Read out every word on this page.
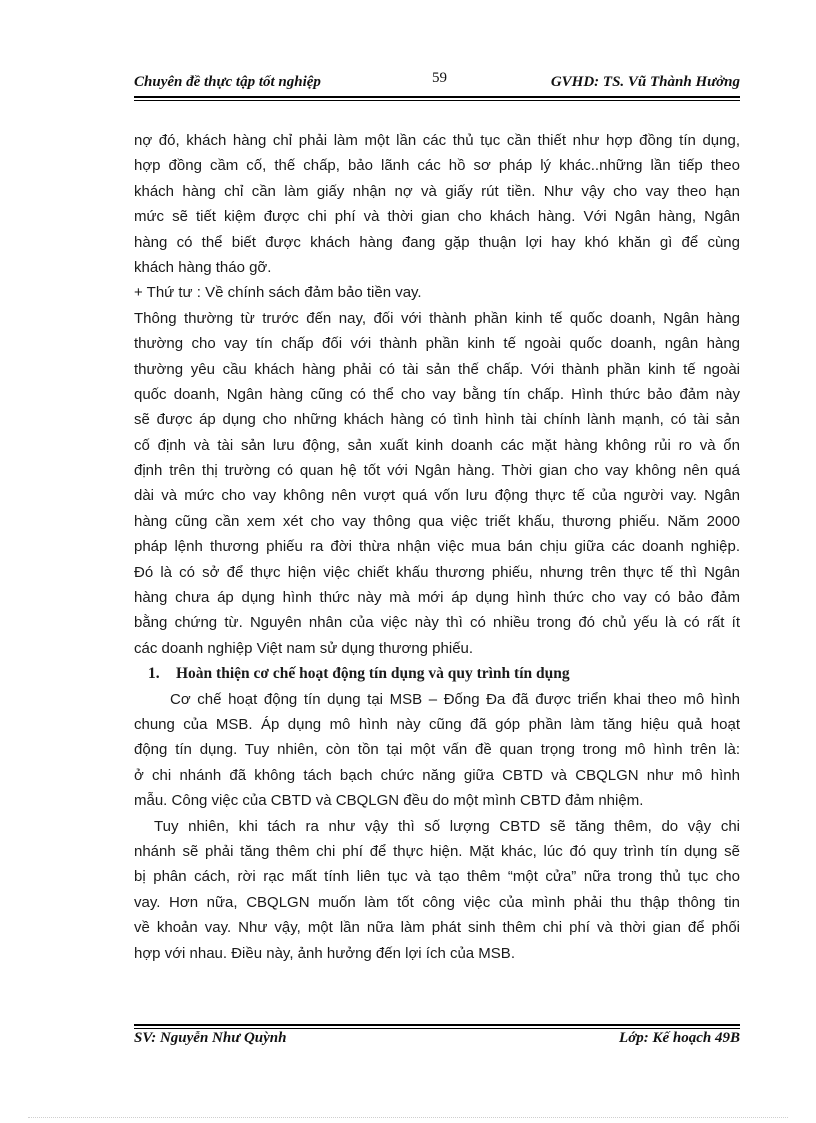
Chuyên đề thực tập tốt nghiệp	59	GVHD: TS. Vũ Thành Hưởng
nợ đó, khách hàng chỉ phải làm một lần các thủ tục cần thiết như hợp đồng tín dụng,
hợp đồng cầm cố, thế chấp, bảo lãnh các hồ sơ pháp lý khác..những lần tiếp theo
khách hàng chỉ cần làm giấy nhận nợ và giấy rút tiền. Như vậy cho vay theo hạn
mức sẽ tiết kiệm được chi phí và thời gian cho khách hàng. Với Ngân hàng, Ngân
hàng có thể biết được khách hàng đang gặp thuận lợi hay khó khăn gì để cùng
khách hàng tháo gỡ.
+ Thứ tư : Về chính sách đảm bảo tiền vay.
Thông thường từ trước đến nay, đối với thành phần kinh tế quốc doanh, Ngân hàng
thường cho vay tín chấp đối với thành phần kinh tế ngoài quốc doanh, ngân hàng
thường yêu cầu khách hàng phải có tài sản thế chấp. Với thành phần kinh tế ngoài
quốc doanh, Ngân hàng cũng có thể cho vay bằng tín chấp. Hình thức bảo đảm này
sẽ được áp dụng cho những khách hàng có tình hình tài chính lành mạnh, có tài sản
cố định và tài sản lưu động, sản xuất kinh doanh các mặt hàng không rủi ro và ổn
định trên thị trường có quan hệ tốt với Ngân hàng. Thời gian cho vay không nên quá
dài và mức cho vay không nên vượt quá vốn lưu động thực tế của người vay. Ngân
hàng cũng cần xem xét cho vay thông qua việc triết khấu, thương phiếu. Năm 2000
pháp lệnh thương phiếu ra đời thừa nhận việc mua bán chịu giữa các doanh nghiệp.
Đó là có sở để thực hiện việc chiết khấu thương phiếu, nhưng trên thực tế thì Ngân
hàng chưa áp dụng hình thức này mà mới áp dụng hình thức cho vay có bảo đảm
bằng chứng từ. Nguyên nhân của việc này thì có nhiều trong đó chủ yếu là có rất ít
các doanh nghiệp Việt nam sử dụng thương phiếu.
1. Hoàn thiện cơ chế hoạt động tín dụng và quy trình tín dụng
Cơ chế hoạt động tín dụng tại MSB – Đống Đa đã được triển khai theo mô hình
chung của MSB. Áp dụng mô hình này cũng đã góp phần làm tăng hiệu quả hoạt
động tín dụng. Tuy nhiên, còn tồn tại một vấn đề quan trọng trong mô hình trên là:
ở chi nhánh đã không tách bạch chức năng giữa CBTD và CBQLGN như mô hình
mẫu. Công việc của CBTD và CBQLGN đều do một mình CBTD đảm nhiệm.
Tuy nhiên, khi tách ra như vậy thì số lượng CBTD sẽ tăng thêm, do vậy chi
nhánh sẽ phải tăng thêm chi phí để thực hiện. Mặt khác, lúc đó quy trình tín dụng sẽ
bị phân cách, rời rạc mất tính liên tục và tạo thêm “một cửa” nữa trong thủ tục cho
vay. Hơn nữa, CBQLGN muốn làm tốt công việc của mình phải thu thập thông tin
về khoản vay. Như vậy, một lần nữa làm phát sinh thêm chi phí và thời gian để phối
hợp với nhau. Điều này, ảnh hưởng đến lợi ích của MSB.
SV: Nguyễn Như Quỳnh	Lớp: Kế hoạch 49B
